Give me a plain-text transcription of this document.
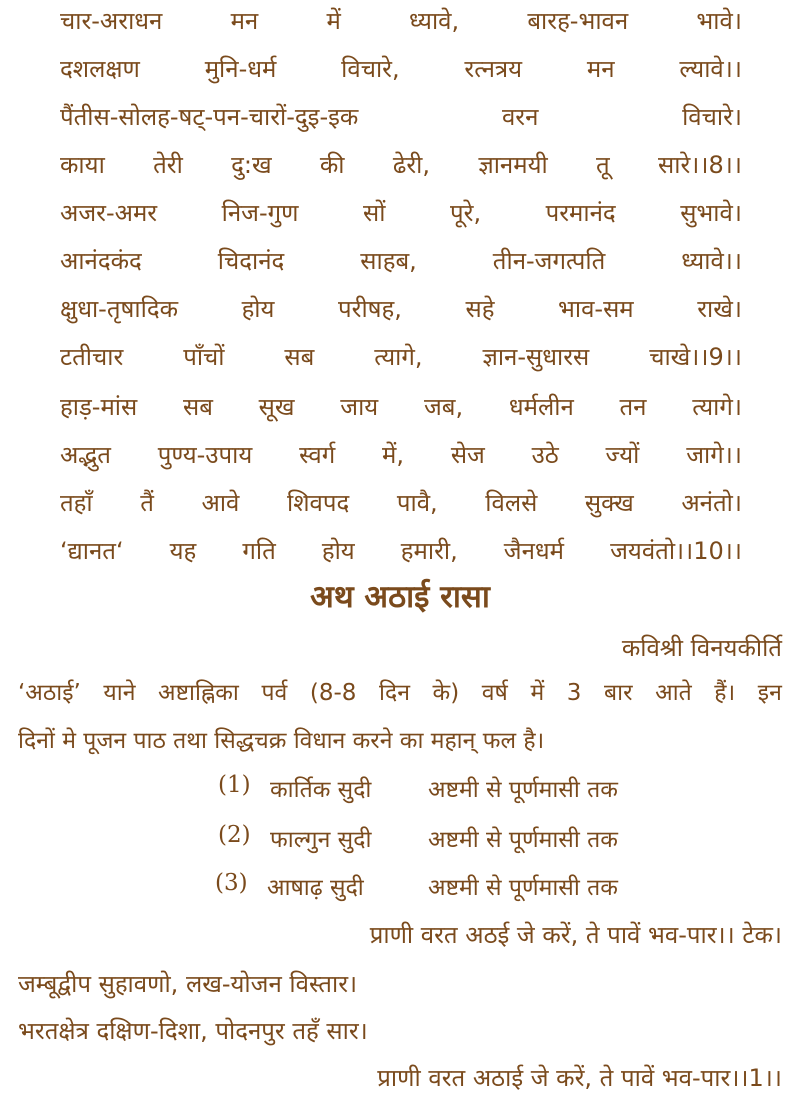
चार-अराधन	मन	में	ध्यावे,	बारह-भावन	भावे।
दशलक्षण	मुनि-धर्म	विचारे,	रत्नत्रय	मन	ल्यावे।।
पैंतीस-सोलह-षट्-पन-चारों-दुइ-इक	वरन	विचारे।
काया तेरी दु:ख की ढेरी, ज्ञानमयी तू सारे।।8।।
अजर-अमर	निज-गुण	सों	पूरे,	परमानंद	सुभावे।
आनंदकंद	चिदानंद	साहब,	तीन-जगत्पति	ध्यावे।।
क्षुधा-तृषादिक	होय	परीषह,	सहे	भाव-सम	राखे।
टतीचार पाँचों सब त्यागे, ज्ञान-सुधारस चाखे।।9।।
हाड़-मांस सब सूख जाय जब, धर्मलीन तन त्यागे।
अद्भुत पुण्य-उपाय स्वर्ग में, सेज उठे ज्यों जागे।।
तहाँ तैं आवे शिवपद पावै, विलसे सुक्ख अनंतो।
‘द्यानत‘ यह गति होय हमारी, जैनधर्म जयवंतो।।10।।
अथ अठाई रासा
कविश्री विनयकीर्ति
‘अठाई’ याने अष्टाह्निका पर्व (8-8 दिन के) वर्ष में 3 बार आते हैं। इन
दिनों मे पूजन पाठ तथा सिद्धचक्र विधान करने का महान् फल है।
(1) कार्तिक सुदी अष्टमी से पूर्णमासी तक
(2) फाल्गुन सुदी अष्टमी से पूर्णमासी तक
(3) आषाढ़ सुदी	अष्टमी से पूर्णमासी तक
प्राणी वरत अठई जे करें, ते पावें भव-पार।। टेक।
जम्बूद्वीप सुहावणो, लख-योजन विस्तार।
भरतक्षेत्र दक्षिण-दिशा, पोदनपुर तहँ सार।
प्राणी वरत अठाई जे करें, ते पावें भव-पार।।1।।
